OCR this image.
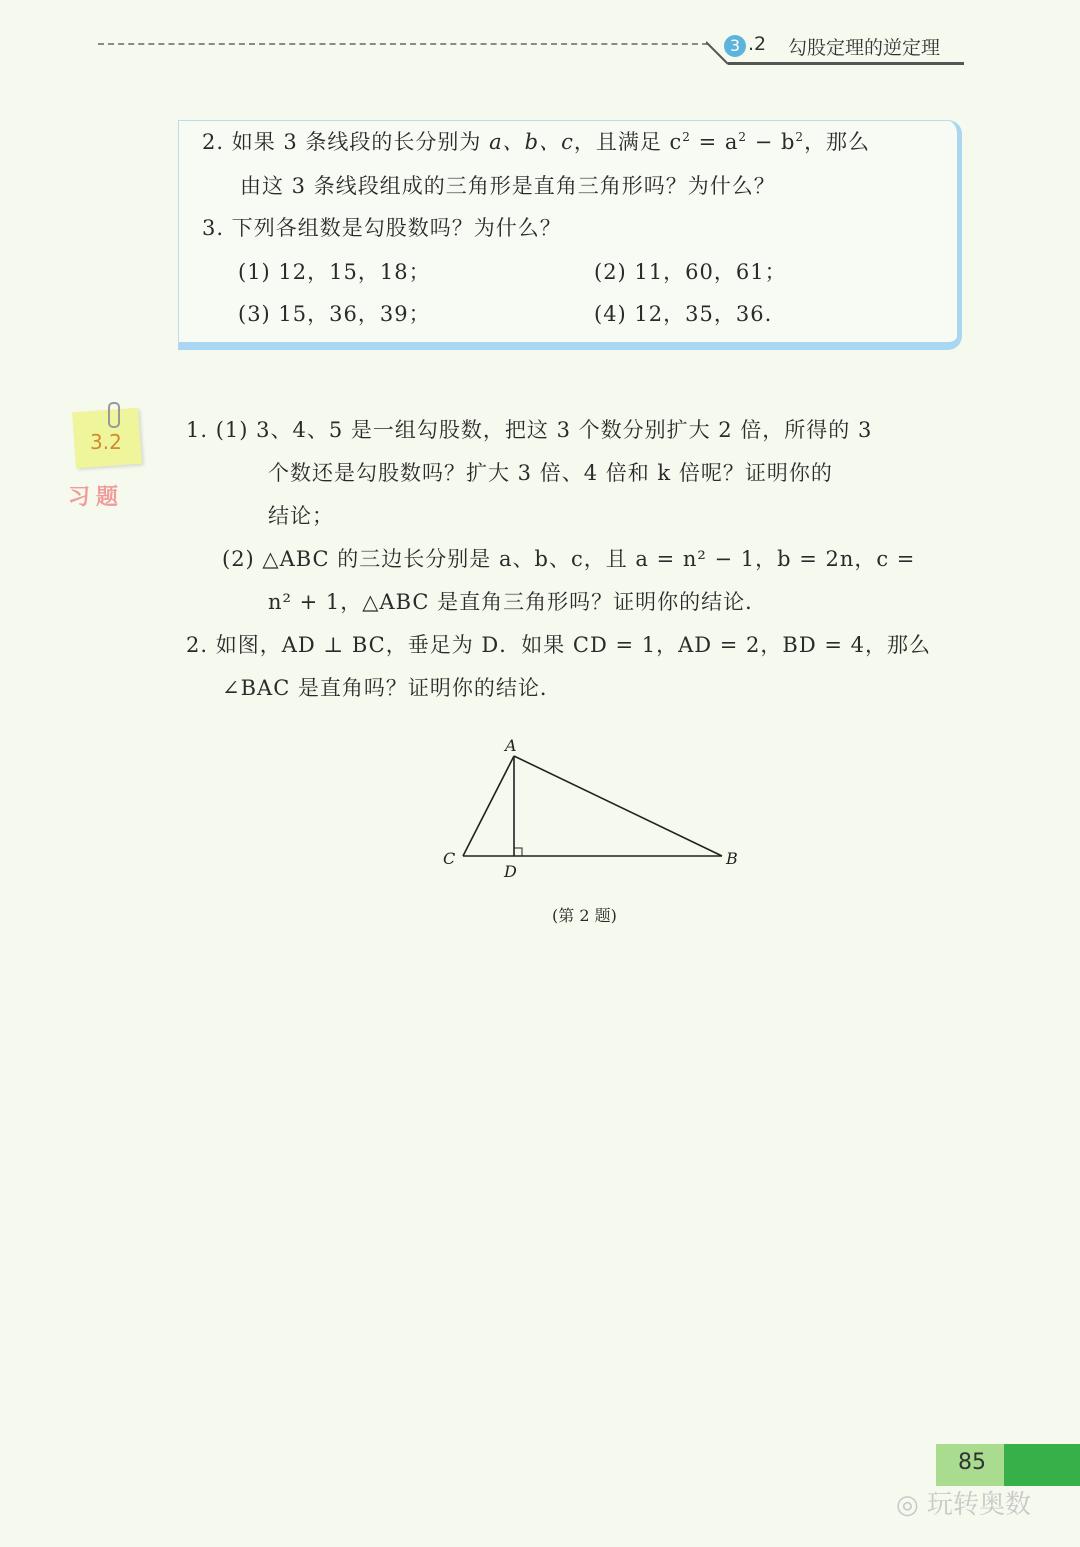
3 .2 勾股定理的逆定理
2. 如果 3 条线段的长分别为 a、b、c，且满足 $c^2 = a^2 - b^2$，那么
由这 3 条线段组成的三角形是直角三角形吗？为什么？
3. 下列各组数是勾股数吗？为什么？
(1) 12，15，18；	(2) 11，60，61；
(3) 15，36，39；	(4) 12，35，36.
3.2
习题
1. (1) 3、4、5 是一组勾股数，把这 3 个数分别扩大 2 倍，所得的 3
个数还是勾股数吗？扩大 3 倍、4 倍和 k 倍呢？证明你的
结论；
(2) △ABC 的三边长分别是 a、b、c，且 a = n² − 1，b = 2n，c =
n² + 1，△ABC 是直角三角形吗？证明你的结论．
2. 如图，AD ⊥ BC，垂足为 D．如果 CD = 1，AD = 2，BD = 4，那么
∠BAC 是直角吗？证明你的结论．
A
B
C
D
(第 2 题)
85
◎ 玩转奥数
